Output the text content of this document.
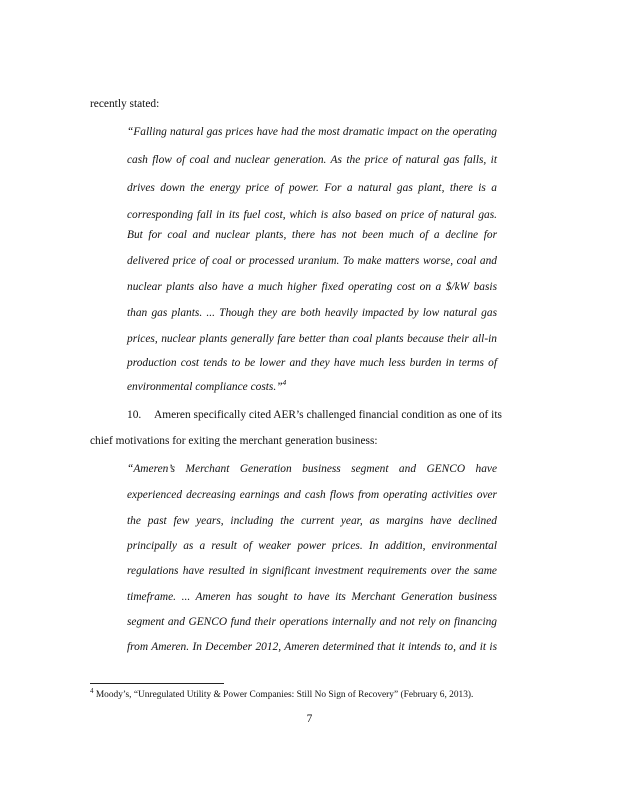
recently stated:
“Falling natural gas prices have had the most dramatic impact on the operating
cash flow of coal and nuclear generation. As the price of natural gas falls, it
drives down the energy price of power. For a natural gas plant, there is a
corresponding fall in its fuel cost, which is also based on price of natural gas.
But for coal and nuclear plants, there has not been much of a decline for
delivered price of coal or processed uranium. To make matters worse, coal and
nuclear plants also have a much higher fixed operating cost on a $/kW basis
than gas plants. ... Though they are both heavily impacted by low natural gas
prices, nuclear plants generally fare better than coal plants because their all-in
production cost tends to be lower and they have much less burden in terms of
environmental compliance costs.”$^4$
10. Ameren specifically cited AER’s challenged financial condition as one of its
chief motivations for exiting the merchant generation business:
“Ameren’s Merchant Generation business segment and GENCO have
experienced decreasing earnings and cash flows from operating activities over
the past few years, including the current year, as margins have declined
principally as a result of weaker power prices. In addition, environmental
regulations have resulted in significant investment requirements over the same
timeframe. ... Ameren has sought to have its Merchant Generation business
segment and GENCO fund their operations internally and not rely on financing
from Ameren. In December 2012, Ameren determined that it intends to, and it is
$^4$ Moody’s, “Unregulated Utility & Power Companies: Still No Sign of Recovery” (February 6, 2013).
7
